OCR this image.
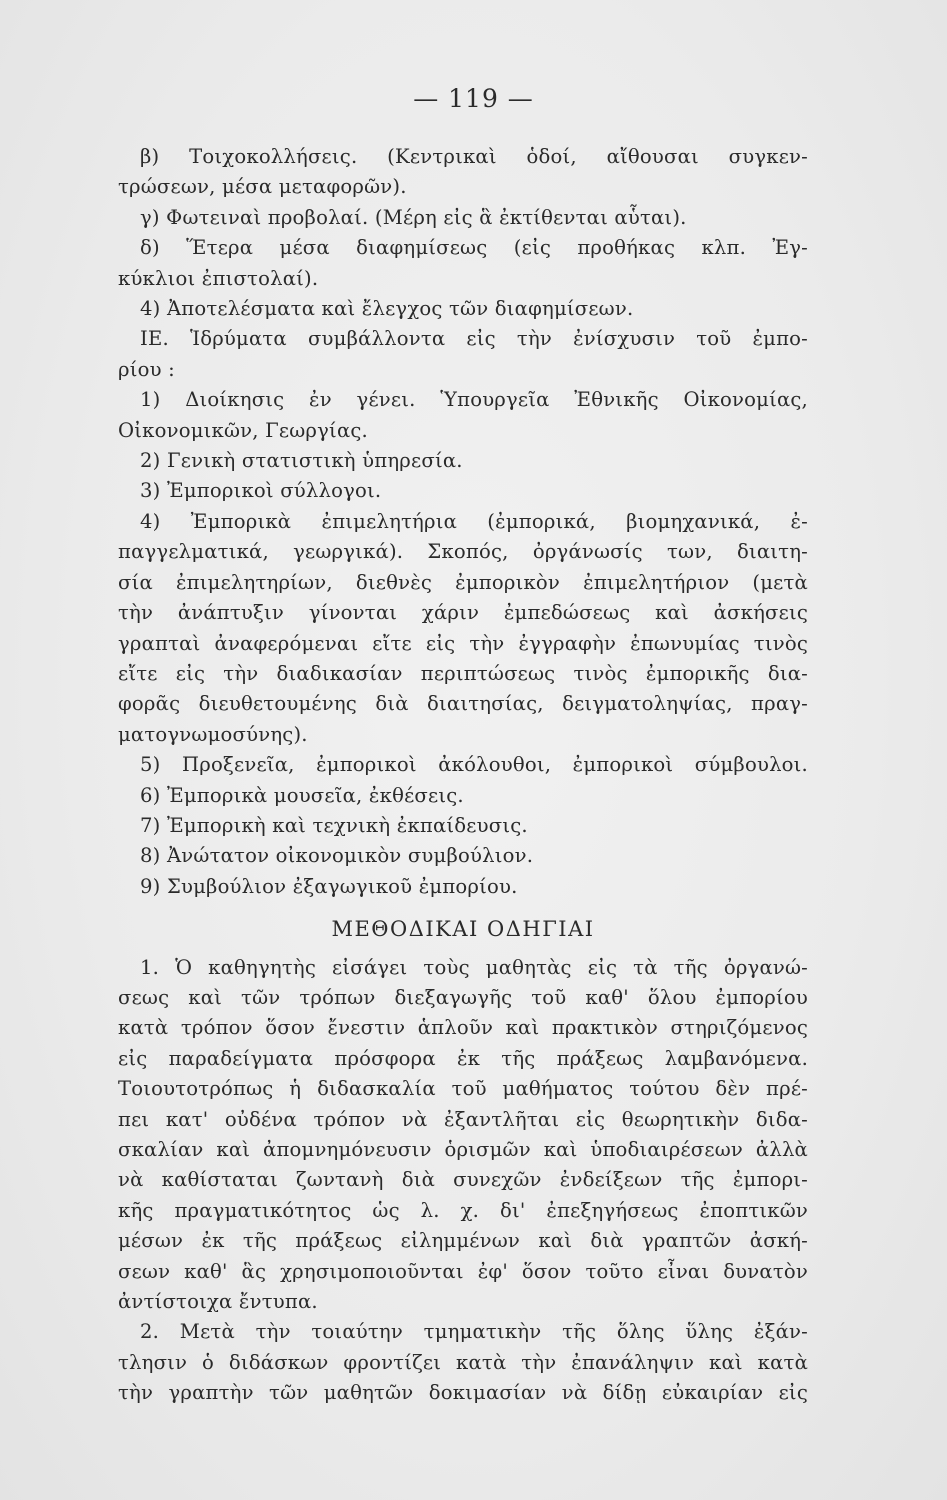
— 119 —
β) Τοιχοκολλήσεις. (Κεντρικαὶ ὁδοί, αἴθουσαι συγκεν-
τρώσεων, μέσα μεταφορῶν).
γ) Φωτειναὶ προβολαί. (Μέρη εἰς ἃ ἐκτίθενται αὗται).
δ) Ἕτερα μέσα διαφημίσεως (εἰς προθήκας κλπ. Ἐγ-
κύκλιοι ἐπιστολαί).
4) Ἀποτελέσματα καὶ ἔλεγχος τῶν διαφημίσεων.
ΙΕ. Ἱδρύματα συμβάλλοντα εἰς τὴν ἐνίσχυσιν τοῦ ἐμπο-
ρίου :
1) Διοίκησις ἐν γένει. Ὑπουργεῖα Ἐθνικῆς Οἰκονομίας,
Οἰκονομικῶν, Γεωργίας.
2) Γενικὴ στατιστικὴ ὑπηρεσία.
3) Ἐμπορικοὶ σύλλογοι.
4) Ἐμπορικὰ ἐπιμελητήρια (ἐμπορικά, βιομηχανικά, ἐ-
παγγελματικά, γεωργικά). Σκοπός, ὀργάνωσίς των, διαιτη-
σία ἐπιμελητηρίων, διεθνὲς ἐμπορικὸν ἐπιμελητήριον (μετὰ
τὴν ἀνάπτυξιν γίνονται χάριν ἐμπεδώσεως καὶ ἀσκήσεις
γραπταὶ ἀναφερόμεναι εἴτε εἰς τὴν ἐγγραφὴν ἐπωνυμίας τινὸς
εἴτε εἰς τὴν διαδικασίαν περιπτώσεως τινὸς ἐμπορικῆς δια-
φορᾶς διευθετουμένης διὰ διαιτησίας, δειγματοληψίας, πραγ-
ματογνωμοσύνης).
5) Προξενεῖα, ἐμπορικοὶ ἀκόλουθοι, ἐμπορικοὶ σύμβουλοι.
6) Ἐμπορικὰ μουσεῖα, ἐκθέσεις.
7) Ἐμπορικὴ καὶ τεχνικὴ ἐκπαίδευσις.
8) Ἀνώτατον οἰκονομικὸν συμβούλιον.
9) Συμβούλιον ἐξαγωγικοῦ ἐμπορίου.
ΜΕΘΟΔΙΚΑΙ ΟΔΗΓΙΑΙ
1. Ὁ καθηγητὴς εἰσάγει τοὺς μαθητὰς εἰς τὰ τῆς ὀργανώ-
σεως καὶ τῶν τρόπων διεξαγωγῆς τοῦ καθ' ὅλου ἐμπορίου
κατὰ τρόπον ὅσον ἔνεστιν ἁπλοῦν καὶ πρακτικὸν στηριζόμενος
εἰς παραδείγματα πρόσφορα ἐκ τῆς πράξεως λαμβανόμενα.
Τοιουτοτρόπως ἡ διδασκαλία τοῦ μαθήματος τούτου δὲν πρέ-
πει κατ' οὐδένα τρόπον νὰ ἐξαντλῆται εἰς θεωρητικὴν διδα-
σκαλίαν καὶ ἀπομνημόνευσιν ὁρισμῶν καὶ ὑποδιαιρέσεων ἀλλὰ
νὰ καθίσταται ζωντανὴ διὰ συνεχῶν ἐνδείξεων τῆς ἐμπορι-
κῆς πραγματικότητος ὡς λ. χ. δι' ἐπεξηγήσεως ἐποπτικῶν
μέσων ἐκ τῆς πράξεως εἰλημμένων καὶ διὰ γραπτῶν ἀσκή-
σεων καθ' ἃς χρησιμοποιοῦνται ἐφ' ὅσον τοῦτο εἶναι δυνατὸν
ἀντίστοιχα ἔντυπα.
2. Μετὰ τὴν τοιαύτην τμηματικὴν τῆς ὅλης ὕλης ἐξάν-
τλησιν ὁ διδάσκων φροντίζει κατὰ τὴν ἐπανάληψιν καὶ κατὰ
τὴν γραπτὴν τῶν μαθητῶν δοκιμασίαν νὰ δίδῃ εὐκαιρίαν εἰς
